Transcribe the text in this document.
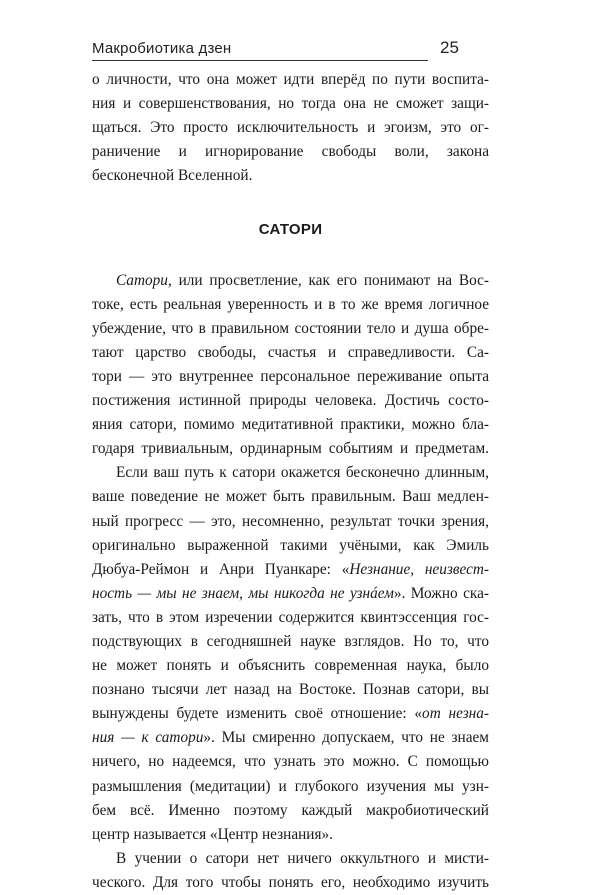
Макробиотика дзен	25
о личности, что она может идти вперёд по пути воспита-
ния и совершенствования, но тогда она не сможет защи-
щаться. Это просто исключительность и эгоизм, это ог-
раничение и игнорирование свободы воли, закона
бесконечной Вселенной.
САТОРИ
Сатори, или просветление, как его понимают на Вос-
токе, есть реальная уверенность и в то же время логичное
убеждение, что в правильном состоянии тело и душа обре-
тают царство свободы, счастья и справедливости. Са-
тори — это внутреннее персональное переживание опыта
постижения истинной природы человека. Достичь состо-
яния сатори, помимо медитативной практики, можно бла-
годаря тривиальным, ординарным событиям и предметам.
Если ваш путь к сатори окажется бесконечно длинным,
ваше поведение не может быть правильным. Ваш медлен-
ный прогресс — это, несомненно, результат точки зрения,
оригинально выраженной такими учёными, как Эмиль
Дюбуа-Реймон и Анри Пуанкаре: «Незнание, неизвест-
ность — мы не знаем, мы никогда не узнáем». Можно ска-
зать, что в этом изречении содержится квинтэссенция гос-
подствующих в сегодняшней науке взглядов. Но то, что
не может понять и объяснить современная наука, было
познано тысячи лет назад на Востоке. Познав сатори, вы
вынуждены будете изменить своё отношение: «от незна-
ния — к сатори». Мы смиренно допускаем, что не знаем
ничего, но надеемся, что узнать это можно. С помощью
размышления (медитации) и глубокого изучения мы узн-
бем всё. Именно поэтому каждый макробиотический
центр называется «Центр незнания».
В учении о сатори нет ничего оккультного и мисти-
ческого. Для того чтобы понять его, необходимо изучить
